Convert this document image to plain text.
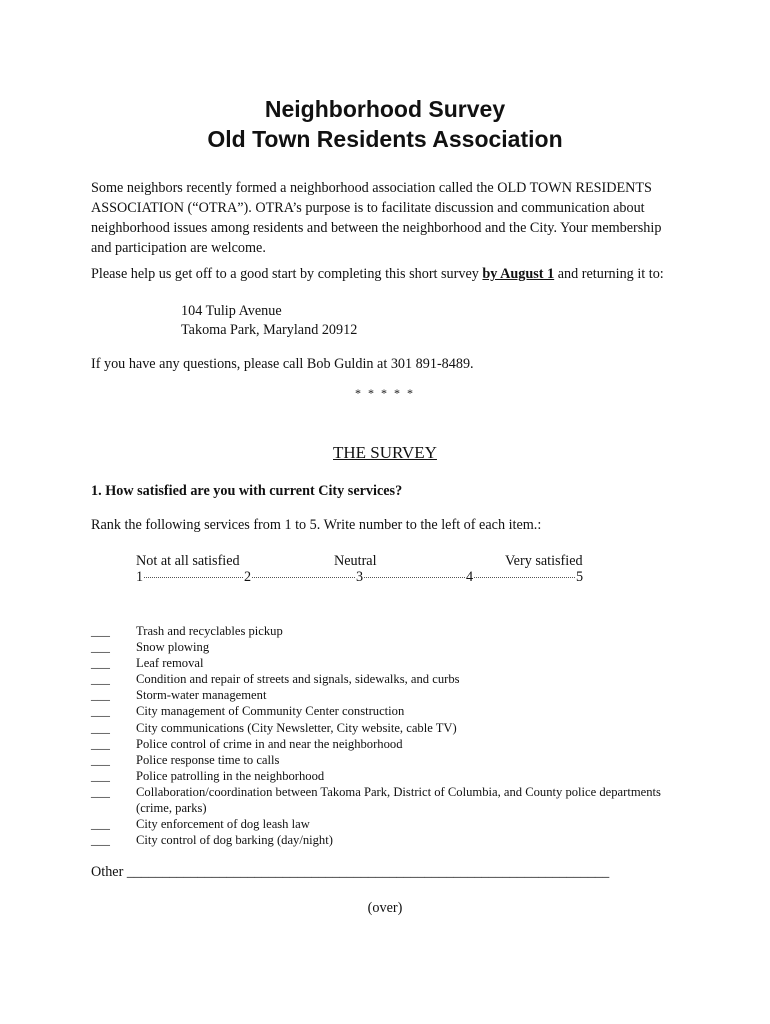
Neighborhood Survey
Old Town Residents Association
Some neighbors recently formed a neighborhood association called the OLD TOWN RESIDENTS ASSOCIATION (“OTRA”). OTRA’s purpose is to facilitate discussion and communication about neighborhood issues among residents and between the neighborhood and the City. Your membership and participation are welcome.
Please help us get off to a good start by completing this short survey by August 1 and returning it to:
104 Tulip Avenue
Takoma Park, Maryland 20912
If you have any questions, please call Bob Guldin at 301 891-8489.
* * * * *
THE SURVEY
1. How satisfied are you with current City services?
Rank the following services from 1 to 5. Write number to the left of each item.:
Not at all satisfied	Neutral	Very satisfied
1	2	3	4	5
___	Trash and recyclables pickup
___	Snow plowing
___	Leaf removal
___	Condition and repair of streets and signals, sidewalks, and curbs
___	Storm-water management
___	City management of Community Center construction
___	City communications (City Newsletter, City website, cable TV)
___	Police control of crime in and near the neighborhood
___	Police response time to calls
___	Police patrolling in the neighborhood
___	Collaboration/coordination between Takoma Park, District of Columbia, and County police departments (crime, parks)
___	City enforcement of dog leash law
___	City control of dog barking (day/night)
Other ____________________________________________________________________
(over)
